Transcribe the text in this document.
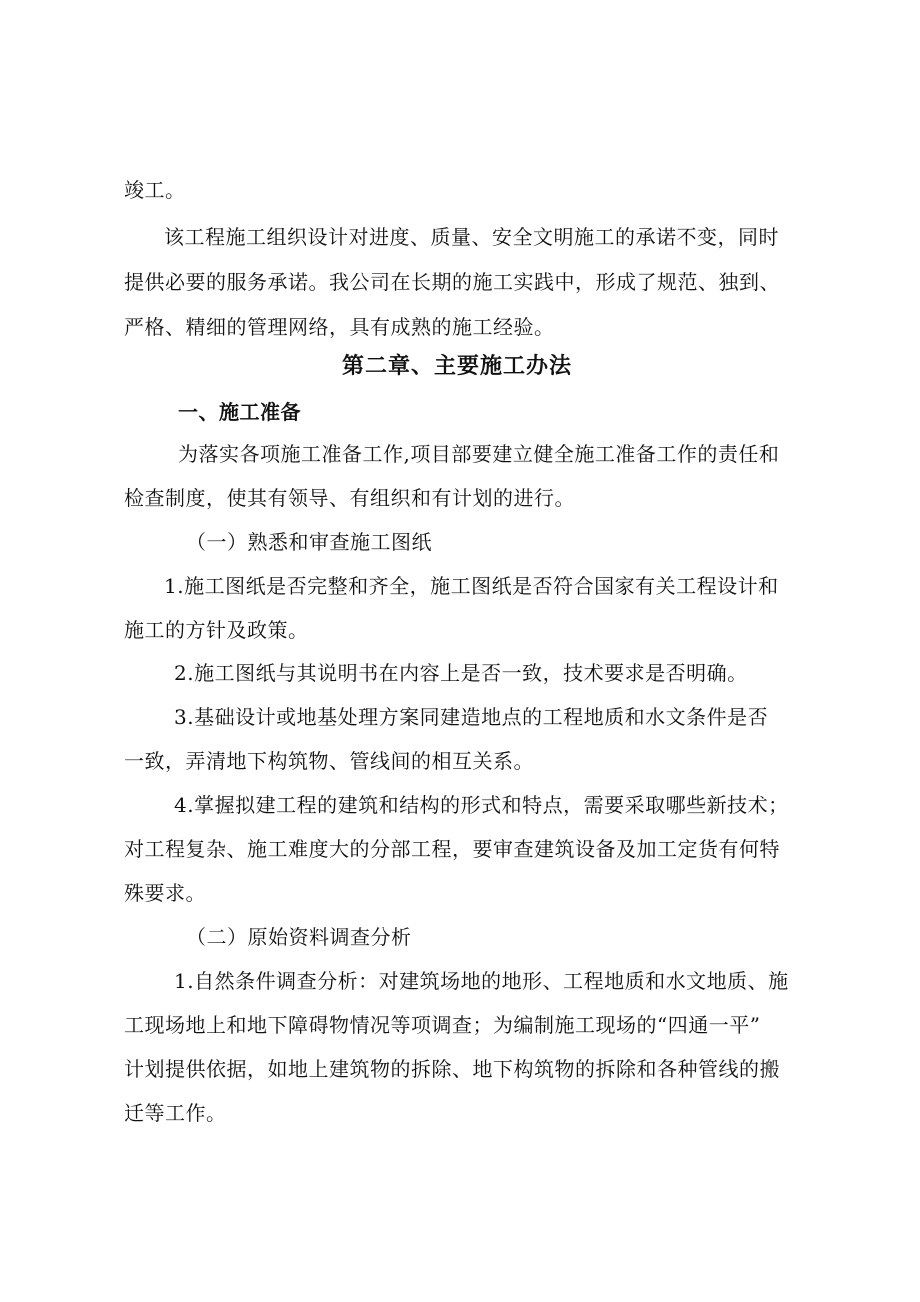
竣工。
该工程施工组织设计对进度、质量、安全文明施工的承诺不变，同时
提供必要的服务承诺。我公司在长期的施工实践中，形成了规范、独到、
严格、精细的管理网络，具有成熟的施工经验。
第二章、主要施工办法
一、施工准备
为落实各项施工准备工作,项目部要建立健全施工准备工作的责任和
检查制度，使其有领导、有组织和有计划的进行。
（一）熟悉和审查施工图纸
1.施工图纸是否完整和齐全，施工图纸是否符合国家有关工程设计和
施工的方针及政策。
2.施工图纸与其说明书在内容上是否一致，技术要求是否明确。
3.基础设计或地基处理方案同建造地点的工程地质和水文条件是否
一致，弄清地下构筑物、管线间的相互关系。
4.掌握拟建工程的建筑和结构的形式和特点，需要采取哪些新技术；
对工程复杂、施工难度大的分部工程，要审查建筑设备及加工定货有何特
殊要求。
（二）原始资料调查分析
1.自然条件调查分析：对建筑场地的地形、工程地质和水文地质、施
工现场地上和地下障碍物情况等项调查；为编制施工现场的“四通一平”
计划提供依据，如地上建筑物的拆除、地下构筑物的拆除和各种管线的搬
迁等工作。
